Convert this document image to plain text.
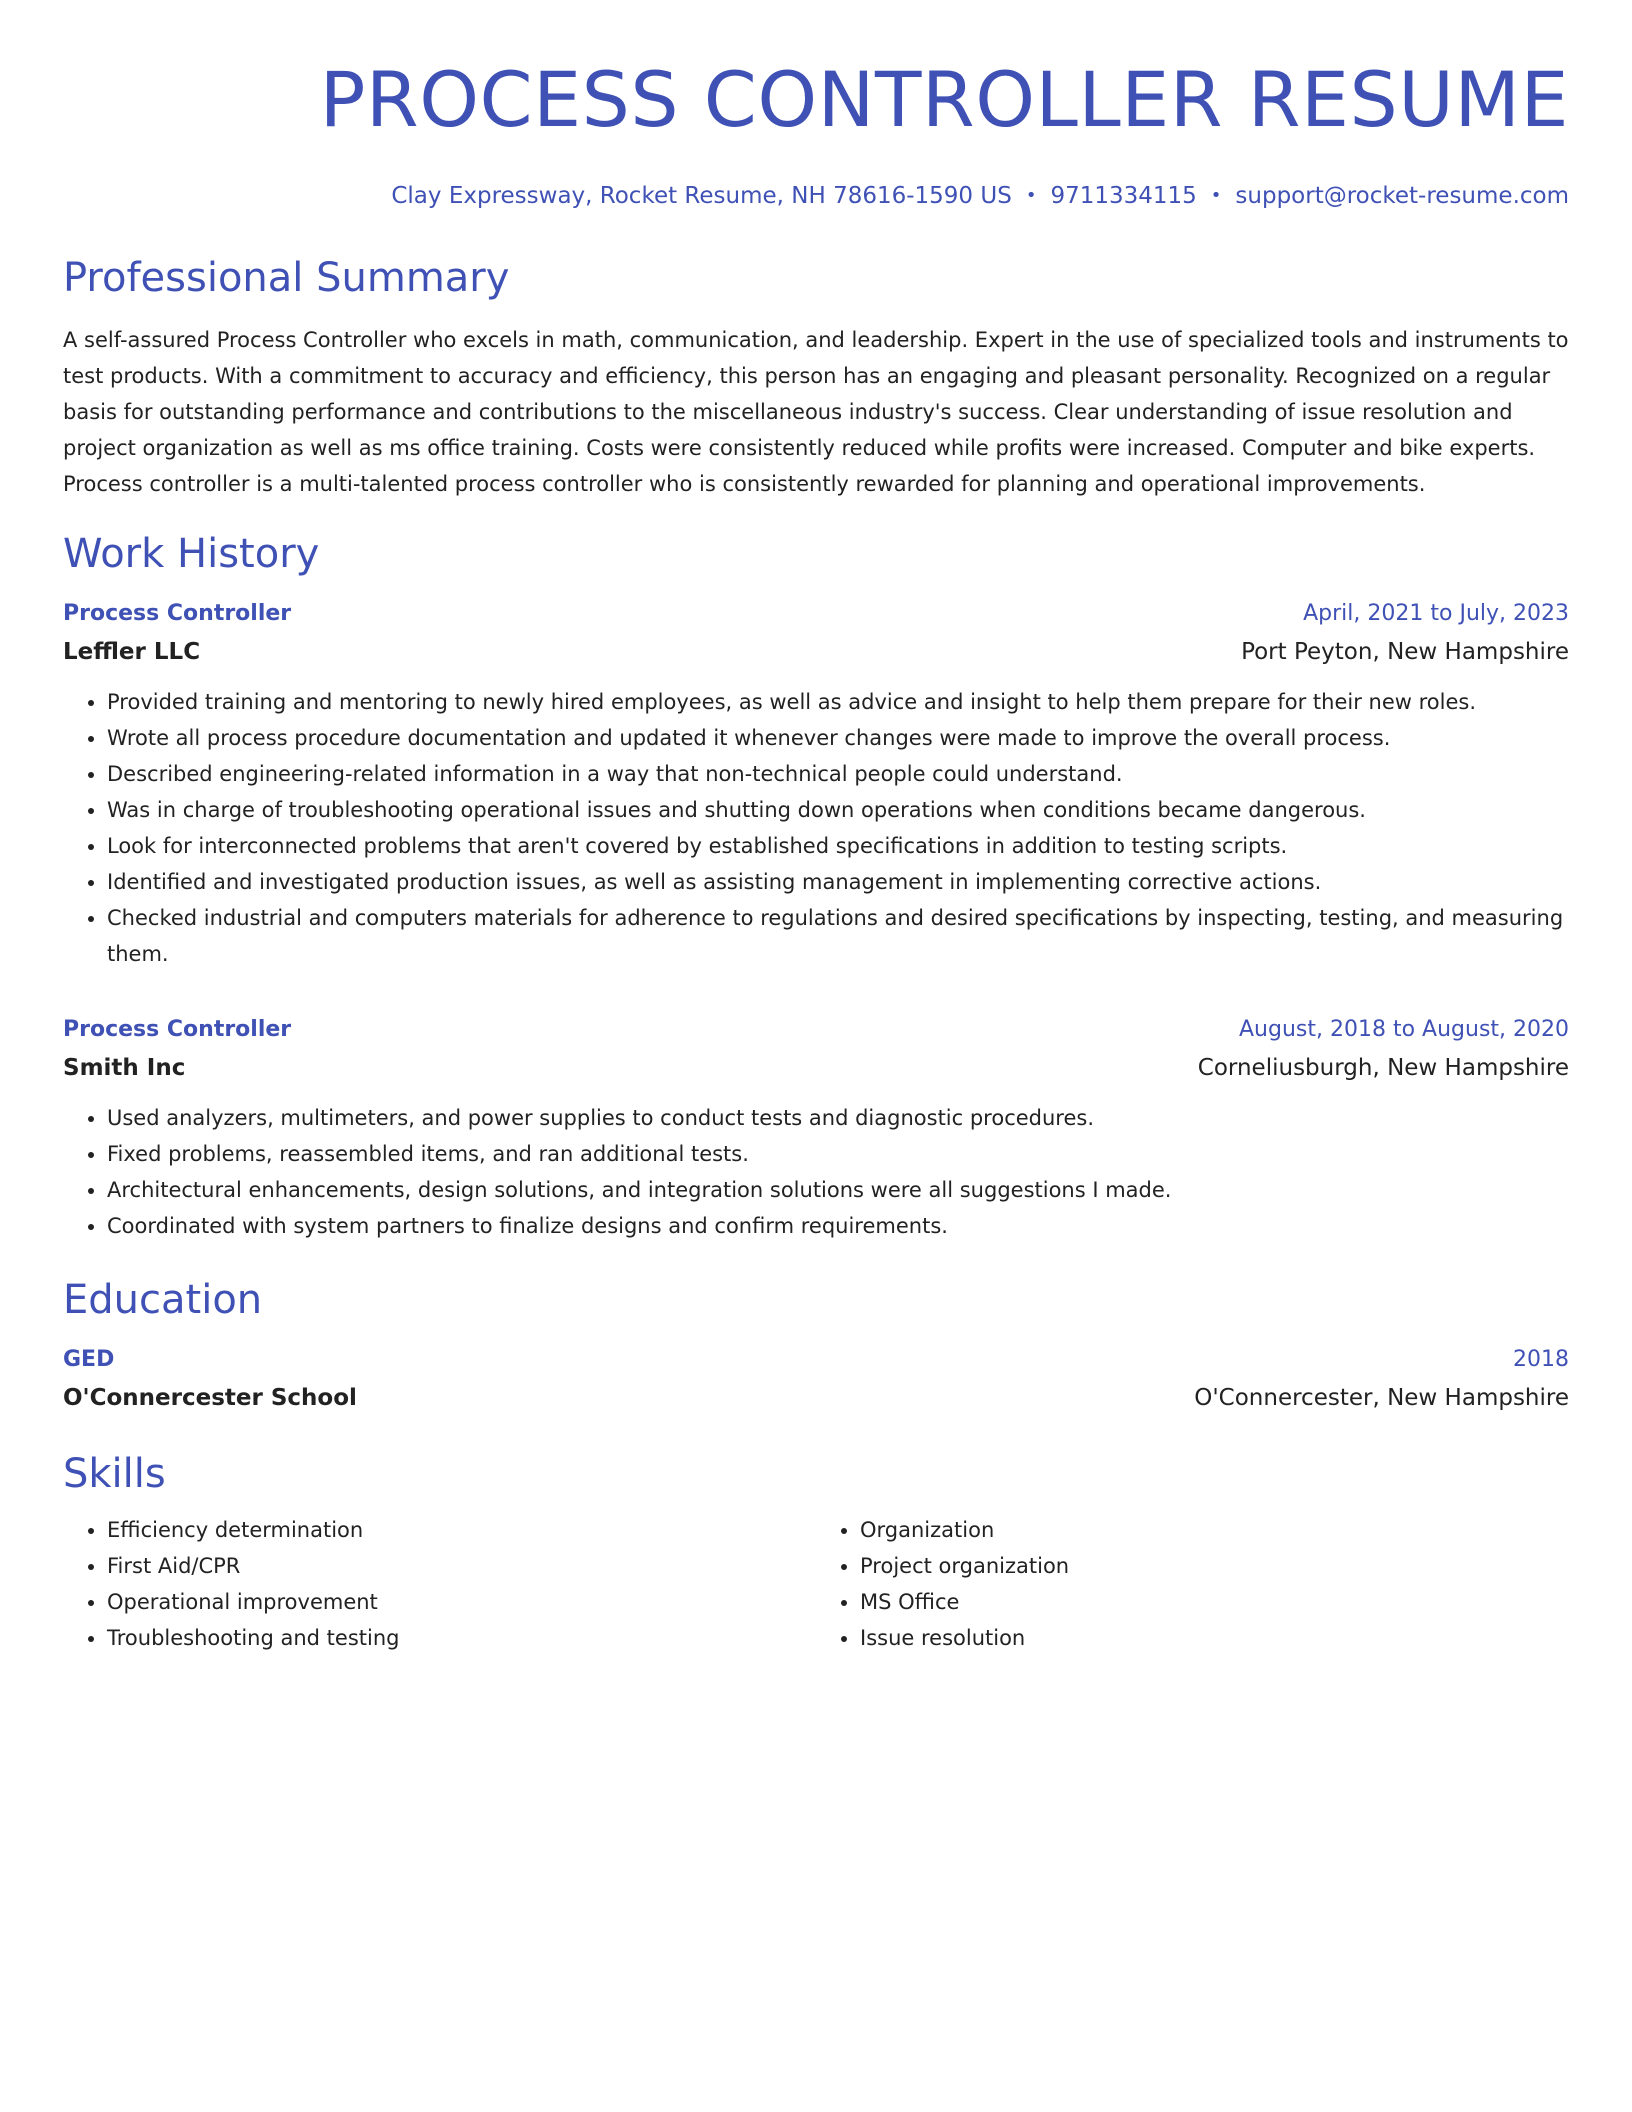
PROCESS CONTROLLER RESUME
Clay Expressway, Rocket Resume, NH 78616-1590 US • 9711334115 • support@rocket-resume.com
Professional Summary
A self-assured Process Controller who excels in math, communication, and leadership. Expert in the use of specialized tools and instruments to test products. With a commitment to accuracy and efficiency, this person has an engaging and pleasant personality. Recognized on a regular basis for outstanding performance and contributions to the miscellaneous industry's success. Clear understanding of issue resolution and project organization as well as ms office training. Costs were consistently reduced while profits were increased. Computer and bike experts. Process controller is a multi-talented process controller who is consistently rewarded for planning and operational improvements.
Work History
Process Controller	April, 2021 to July, 2023
Leffler LLC	Port Peyton, New Hampshire
• Provided training and mentoring to newly hired employees, as well as advice and insight to help them prepare for their new roles.
• Wrote all process procedure documentation and updated it whenever changes were made to improve the overall process.
• Described engineering-related information in a way that non-technical people could understand.
• Was in charge of troubleshooting operational issues and shutting down operations when conditions became dangerous.
• Look for interconnected problems that aren't covered by established specifications in addition to testing scripts.
• Identified and investigated production issues, as well as assisting management in implementing corrective actions.
• Checked industrial and computers materials for adherence to regulations and desired specifications by inspecting, testing, and measuring them.
Process Controller	August, 2018 to August, 2020
Smith Inc	Corneliusburgh, New Hampshire
• Used analyzers, multimeters, and power supplies to conduct tests and diagnostic procedures.
• Fixed problems, reassembled items, and ran additional tests.
• Architectural enhancements, design solutions, and integration solutions were all suggestions I made.
• Coordinated with system partners to finalize designs and confirm requirements.
Education
GED	2018
O'Connercester School	O'Connercester, New Hampshire
Skills
• Efficiency determination
• First Aid/CPR
• Operational improvement
• Troubleshooting and testing
• Organization
• Project organization
• MS Office
• Issue resolution
